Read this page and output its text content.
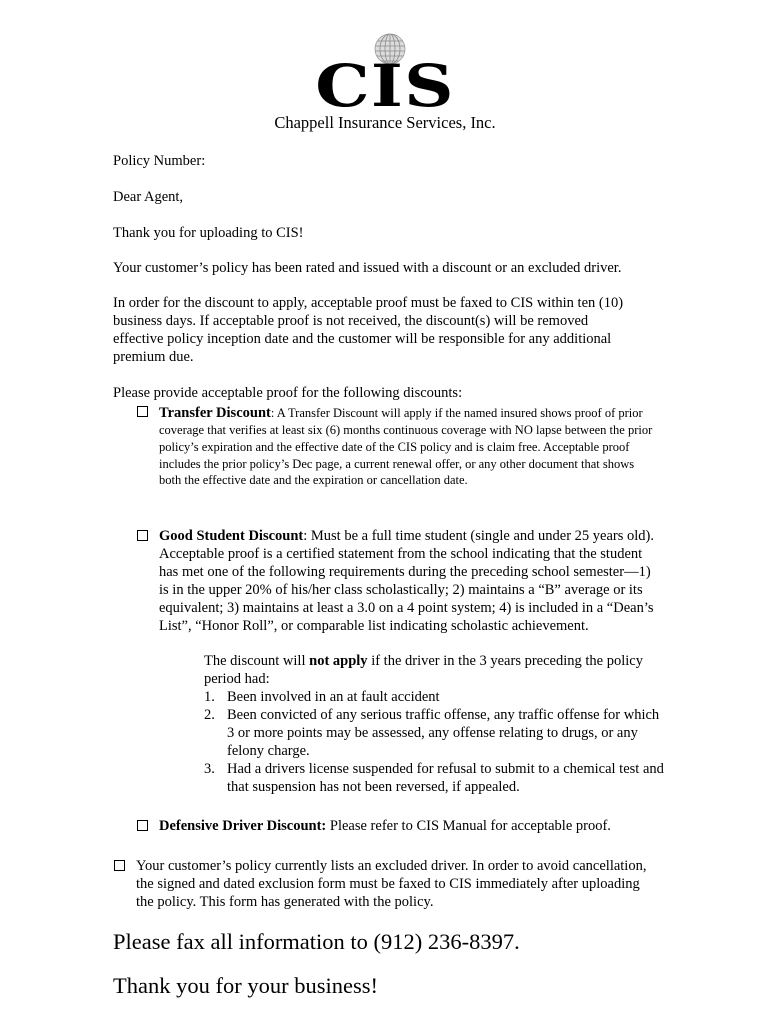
CIS
Chappell Insurance Services, Inc.

Policy Number:

Dear Agent,

Thank you for uploading to CIS!

Your customer’s policy has been rated and issued with a discount or an excluded driver.

In order for the discount to apply, acceptable proof must be faxed to CIS within ten (10) business days. If acceptable proof is not received, the discount(s) will be removed effective policy inception date and the customer will be responsible for any additional premium due.

Please provide acceptable proof for the following discounts:

Transfer Discount: A Transfer Discount will apply if the named insured shows proof of prior coverage that verifies at least six (6) months continuous coverage with NO lapse between the prior policy’s expiration and the effective date of the CIS policy and is claim free. Acceptable proof includes the prior policy’s Dec page, a current renewal offer, or any other document that shows both the effective date and the expiration or cancellation date.

Good Student Discount: Must be a full time student (single and under 25 years old). Acceptable proof is a certified statement from the school indicating that the student has met one of the following requirements during the preceding school semester—1) is in the upper 20% of his/her class scholastically; 2) maintains a “B” average or its equivalent; 3) maintains at least a 3.0 on a 4 point system; 4) is included in a “Dean’s List”, “Honor Roll”, or comparable list indicating scholastic achievement.

The discount will not apply if the driver in the 3 years preceding the policy period had:
1. Been involved in an at fault accident
2. Been convicted of any serious traffic offense, any traffic offense for which 3 or more points may be assessed, any offense relating to drugs, or any felony charge.
3. Had a drivers license suspended for refusal to submit to a chemical test and that suspension has not been reversed, if appealed.

Defensive Driver Discount: Please refer to CIS Manual for acceptable proof.

Your customer’s policy currently lists an excluded driver. In order to avoid cancellation, the signed and dated exclusion form must be faxed to CIS immediately after uploading the policy. This form has generated with the policy.

Please fax all information to (912) 236-8397.

Thank you for your business!
